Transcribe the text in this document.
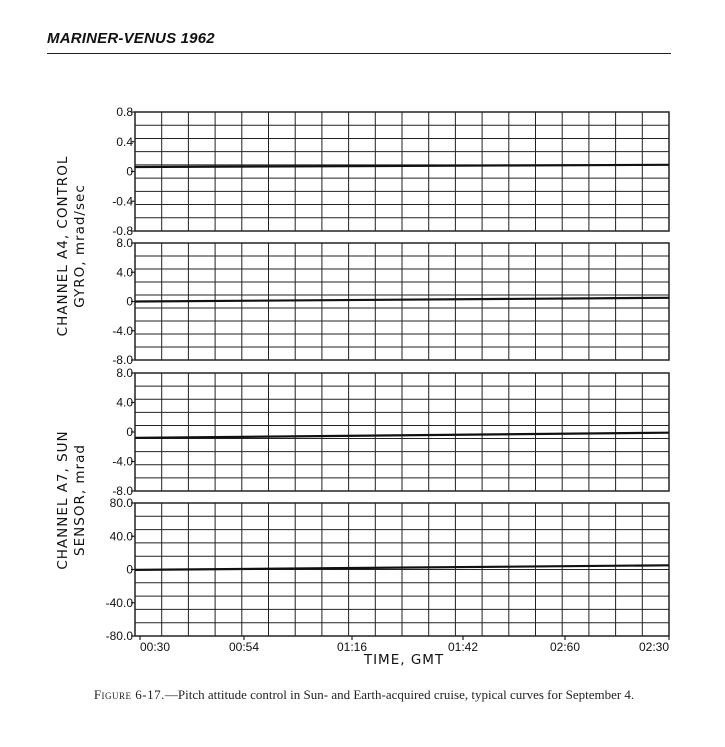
MARINER-VENUS 1962
0.8
0.4
0
-0.4
-0.8
8.0
4.0
0
-4.0
-8.0
8.0
4.0
0
-4.0
-8.0
80.0
40.0
0
-40.0
-80.0
00:30	00:54	01:16	01:42	02:60	02:30
TIME, GMT
CHANNEL A4, CONTROL GYRO, mrad/sec
CHANNEL A7, SUN SENSOR, mrad
Figure 6-17.—Pitch attitude control in Sun- and Earth-acquired cruise, typical curves for September 4.
